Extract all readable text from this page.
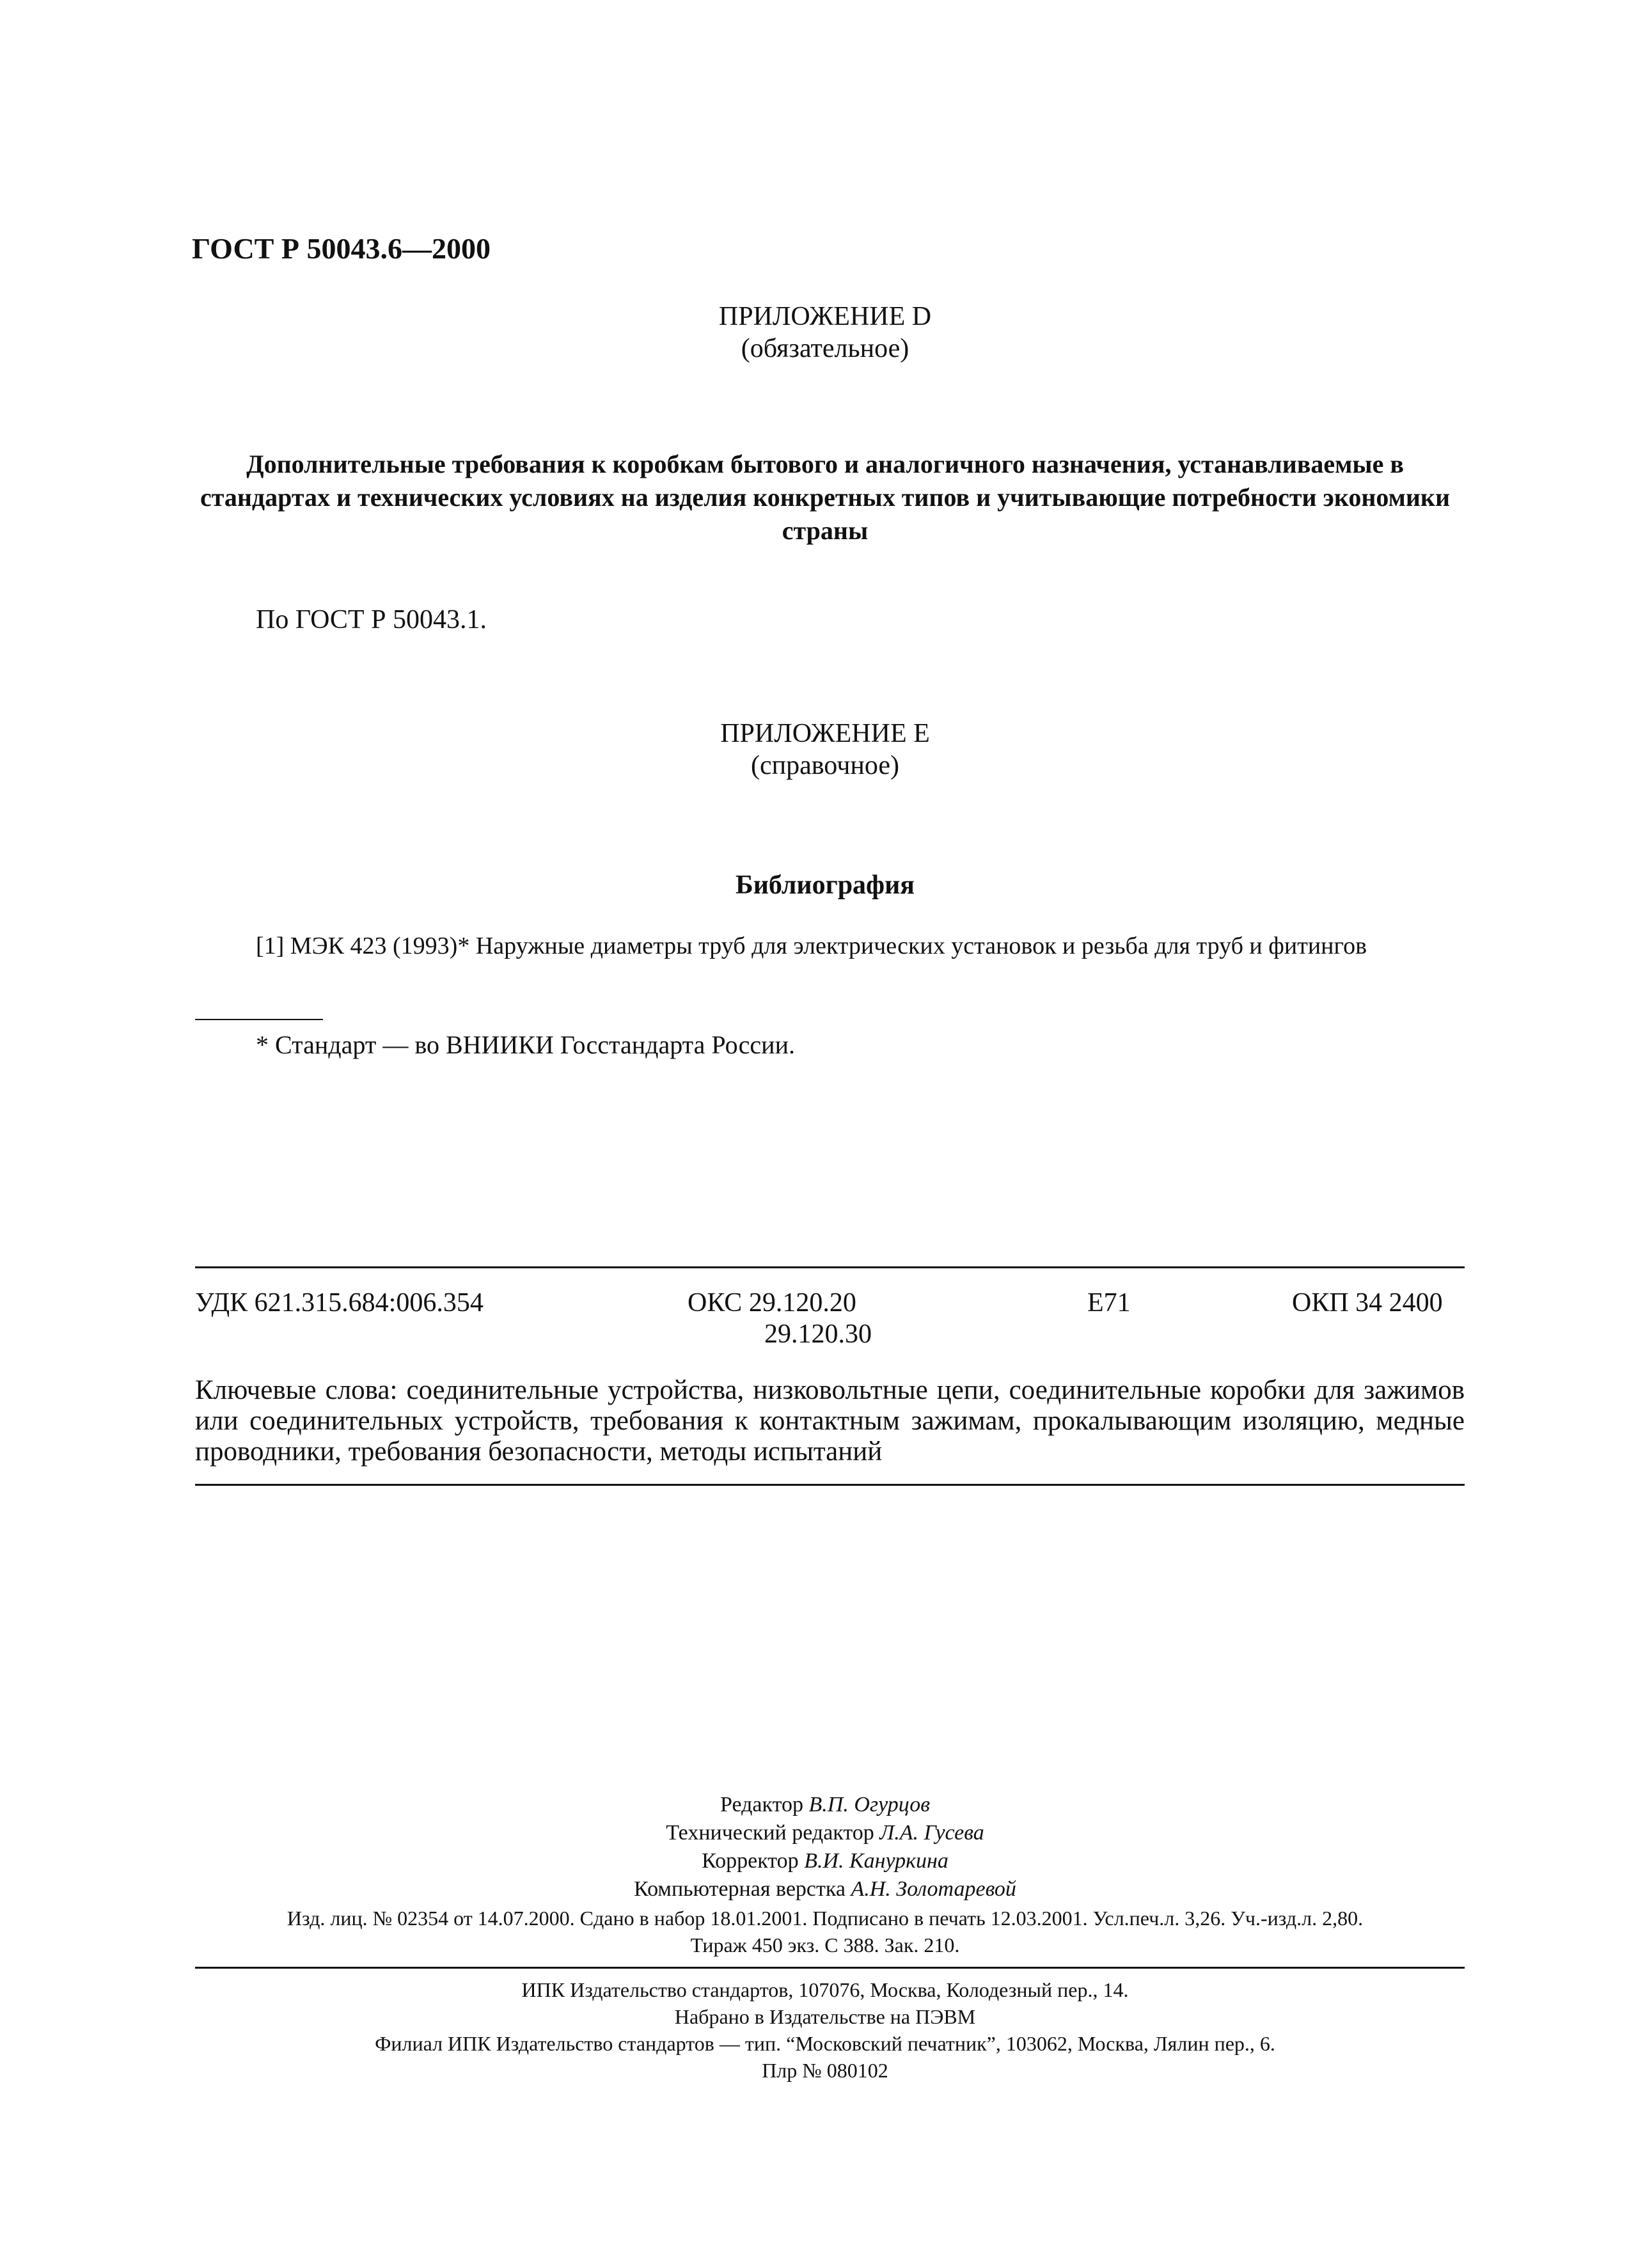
ГОСТ Р 50043.6—2000
ПРИЛОЖЕНИЕ D
(обязательное)
Дополнительные требования к коробкам бытового и аналогичного назначения, устанавливаемые в стандартах и технических условиях на изделия конкретных типов и учитывающие потребности экономики страны
По ГОСТ Р 50043.1.
ПРИЛОЖЕНИЕ Е
(справочное)
Библиография
[1] МЭК 423 (1993)* Наружные диаметры труб для электрических установок и резьба для труб и фитингов
* Стандарт — во ВНИИКИ Госстандарта России.
УДК 621.315.684:006.354	ОКС 29.120.20
29.120.30
Е71	ОКП 34 2400
Ключевые слова: соединительные устройства, низковольтные цепи, соединительные коробки для зажимов или соединительных устройств, требования к контактным зажимам, прокалывающим изоляцию, медные проводники, требования безопасности, методы испытаний
Редактор В.П. Огурцов
Технический редактор Л.А. Гусева
Корректор В.И. Кануркина
Компьютерная верстка А.Н. Золотаревой
Изд. лиц. № 02354 от 14.07.2000. Сдано в набор 18.01.2001. Подписано в печать 12.03.2001. Усл.печ.л. 3,26. Уч.-изд.л. 2,80.
Тираж 450 экз. С 388. Зак. 210.
ИПК Издательство стандартов, 107076, Москва, Колодезный пер., 14.
Набрано в Издательстве на ПЭВМ
Филиал ИПК Издательство стандартов — тип. “Московский печатник”, 103062, Москва, Лялин пер., 6.
Плр № 080102
